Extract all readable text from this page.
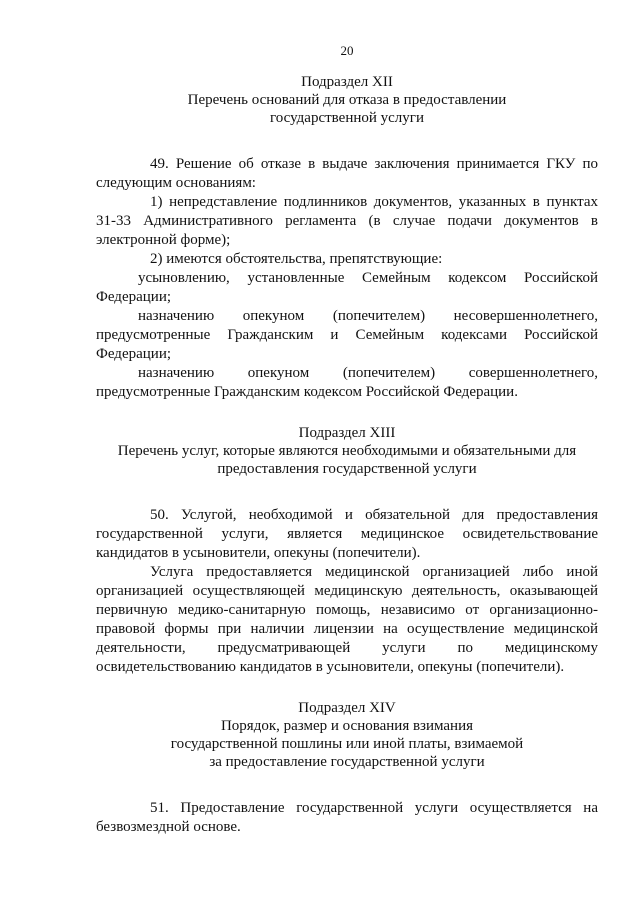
20
Подраздел XII
Перечень оснований для отказа в предоставлении
государственной услуги

49. Решение об отказе в выдаче заключения принимается ГКУ по следующим основаниям:

1) непредставление подлинников документов, указанных в пунктах 31-33 Административного регламента (в случае подачи документов в электронной форме);

2) имеются обстоятельства, препятствующие:

усыновлению, установленные Семейным кодексом Российской Федерации;

назначению опекуном (попечителем) несовершеннолетнего, предусмотренные Гражданским и Семейным кодексами Российской Федерации;

назначению опекуном (попечителем) совершеннолетнего, предусмотренные Гражданским кодексом Российской Федерации.

Подраздел XIII
Перечень услуг, которые являются необходимыми и обязательными для
предоставления государственной услуги

50. Услугой, необходимой и обязательной для предоставления государственной услуги, является медицинское освидетельствование кандидатов в усыновители, опекуны (попечители).

Услуга предоставляется медицинской организацией либо иной организацией осуществляющей медицинскую деятельность, оказывающей первичную медико-санитарную помощь, независимо от организационно-правовой формы при наличии лицензии на осуществление медицинской деятельности, предусматривающей услуги по медицинскому освидетельствованию кандидатов в усыновители, опекуны (попечители).

Подраздел XIV
Порядок, размер и основания взимания
государственной пошлины или иной платы, взимаемой
за предоставление государственной услуги

51. Предоставление государственной услуги осуществляется на безвозмездной основе.
